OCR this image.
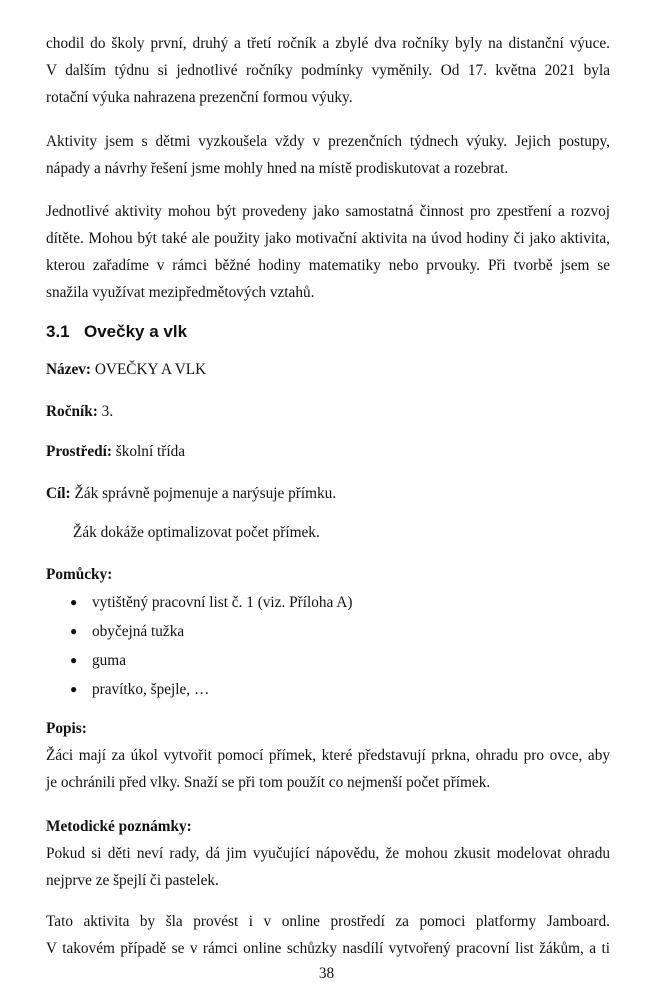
chodil do školy první, druhý a třetí ročník a zbylé dva ročníky byly na distanční výuce.
V dalším týdnu si jednotlivé ročníky podmínky vyměnily. Od 17. května 2021 byla
rotační výuka nahrazena prezenční formou výuky.
Aktivity jsem s dětmi vyzkoušela vždy v prezenčních týdnech výuky. Jejich postupy,
nápady a návrhy řešení jsme mohly hned na místě prodiskutovat a rozebrat.
Jednotlivé aktivity mohou být provedeny jako samostatná činnost pro zpestření a rozvoj
dítěte. Mohou být také ale použity jako motivační aktivita na úvod hodiny či jako aktivita,
kterou zařadíme v rámci běžné hodiny matematiky nebo prvouky. Při tvorbě jsem se
snažila využívat mezipředmětových vztahů.
3.1 Ovečky a vlk
Název: OVEČKY A VLK
Ročník: 3.
Prostředí: školní třída
Cíl: Žák správně pojmenuje a narýsuje přímku.
Žák dokáže optimalizovat počet přímek.
Pomůcky:
● vytištěný pracovní list č. 1 (viz. Příloha A)
● obyčejná tužka
● guma
● pravítko, špejle, …
Popis:
Žáci mají za úkol vytvořit pomocí přímek, které představují prkna, ohradu pro ovce, aby
je ochránili před vlky. Snaží se při tom použít co nejmenší počet přímek.
Metodické poznámky:
Pokud si děti neví rady, dá jim vyučující nápovědu, že mohou zkusit modelovat ohradu
nejprve ze špejlí či pastelek.
Tato aktivita by šla provést i v online prostředí za pomoci platformy Jamboard.
V takovém případě se v rámci online schůzky nasdílí vytvořený pracovní list žákům, a ti
38
